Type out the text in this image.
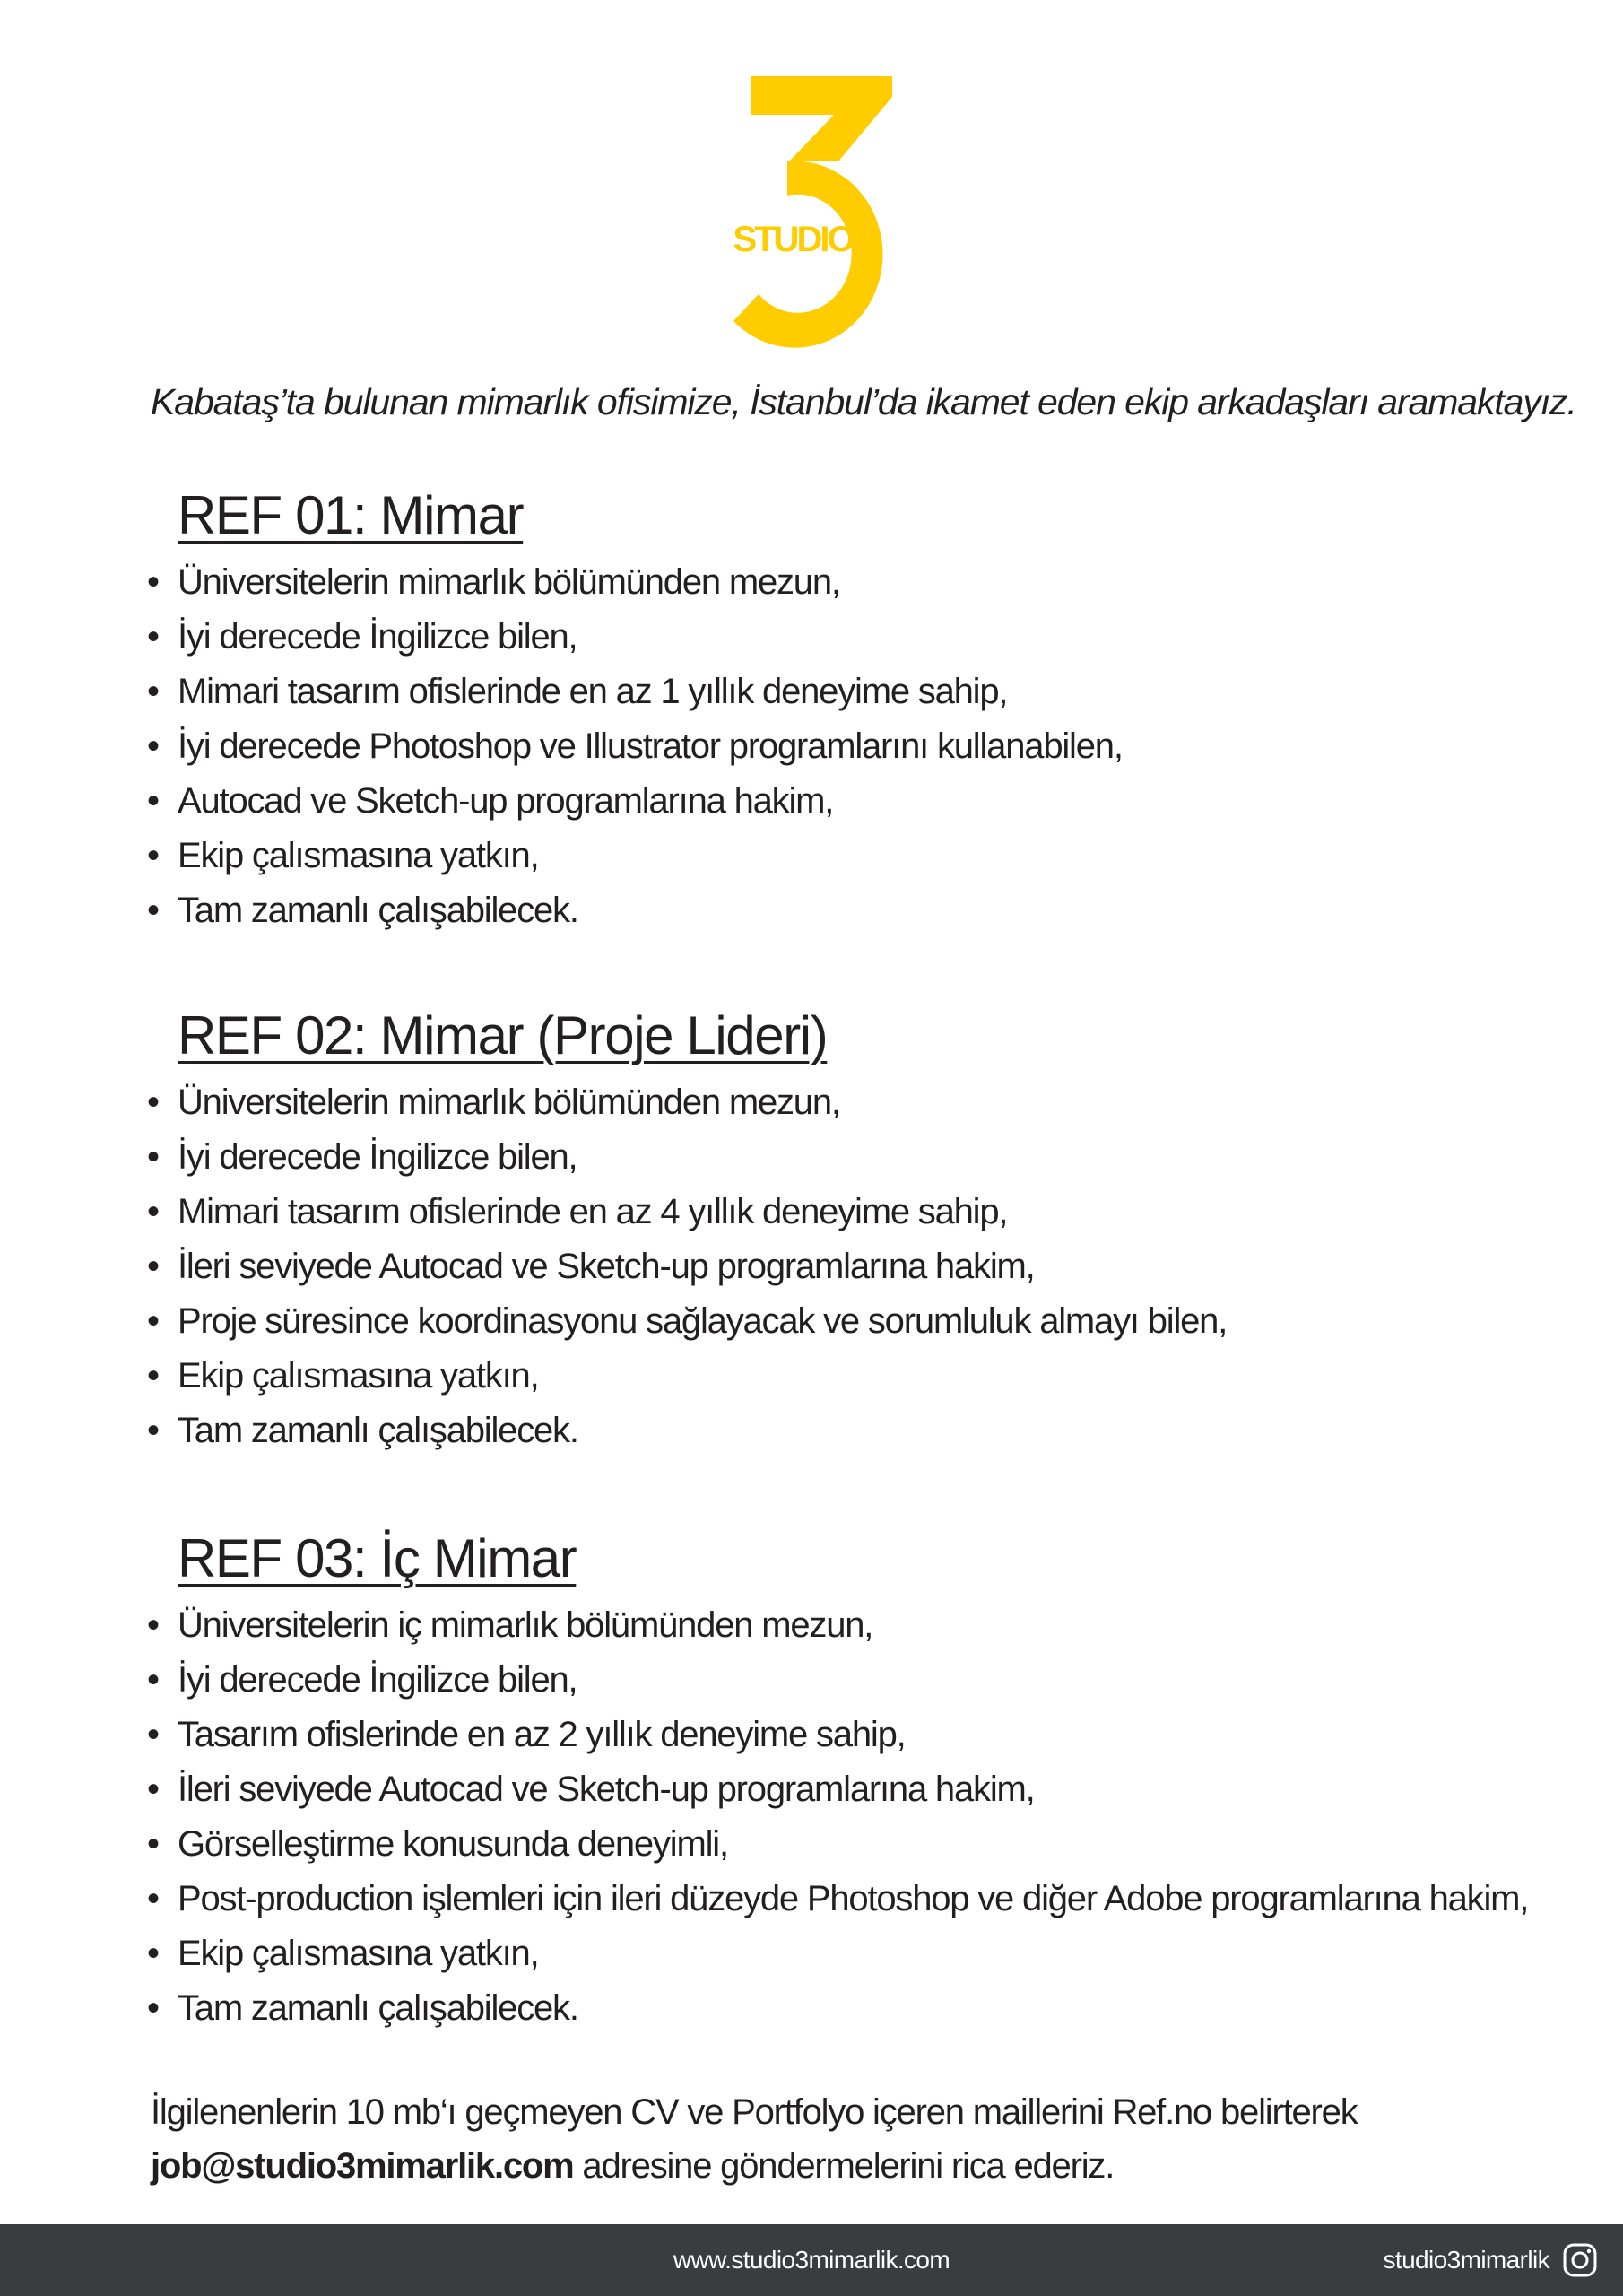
STUDIO
Kabataş’ta bulunan mimarlık ofisimize, İstanbul’da ikamet eden ekip arkadaşları aramaktayız.
REF 01: Mimar
• Üniversitelerin mimarlık bölümünden mezun,
• İyi derecede İngilizce bilen,
• Mimari tasarım ofislerinde en az 1 yıllık deneyime sahip,
• İyi derecede Photoshop ve Illustrator programlarını kullanabilen,
• Autocad ve Sketch-up programlarına hakim,
• Ekip çalısmasına yatkın,
• Tam zamanlı çalışabilecek.
REF 02: Mimar (Proje Lideri)
• Üniversitelerin mimarlık bölümünden mezun,
• İyi derecede İngilizce bilen,
• Mimari tasarım ofislerinde en az 4 yıllık deneyime sahip,
• İleri seviyede Autocad ve Sketch-up programlarına hakim,
• Proje süresince koordinasyonu sağlayacak ve sorumluluk almayı bilen,
• Ekip çalısmasına yatkın,
• Tam zamanlı çalışabilecek.
REF 03: İç Mimar
• Üniversitelerin iç mimarlık bölümünden mezun,
• İyi derecede İngilizce bilen,
• Tasarım ofislerinde en az 2 yıllık deneyime sahip,
• İleri seviyede Autocad ve Sketch-up programlarına hakim,
• Görselleştirme konusunda deneyimli,
• Post-production işlemleri için ileri düzeyde Photoshop ve diğer Adobe programlarına hakim,
• Ekip çalısmasına yatkın,
• Tam zamanlı çalışabilecek.
İlgilenenlerin 10 mb‘ı geçmeyen CV ve Portfolyo içeren maillerini Ref.no belirterek
job@studio3mimarlik.com adresine göndermelerini rica ederiz.
www.studio3mimarlik.com	studio3mimarlik
